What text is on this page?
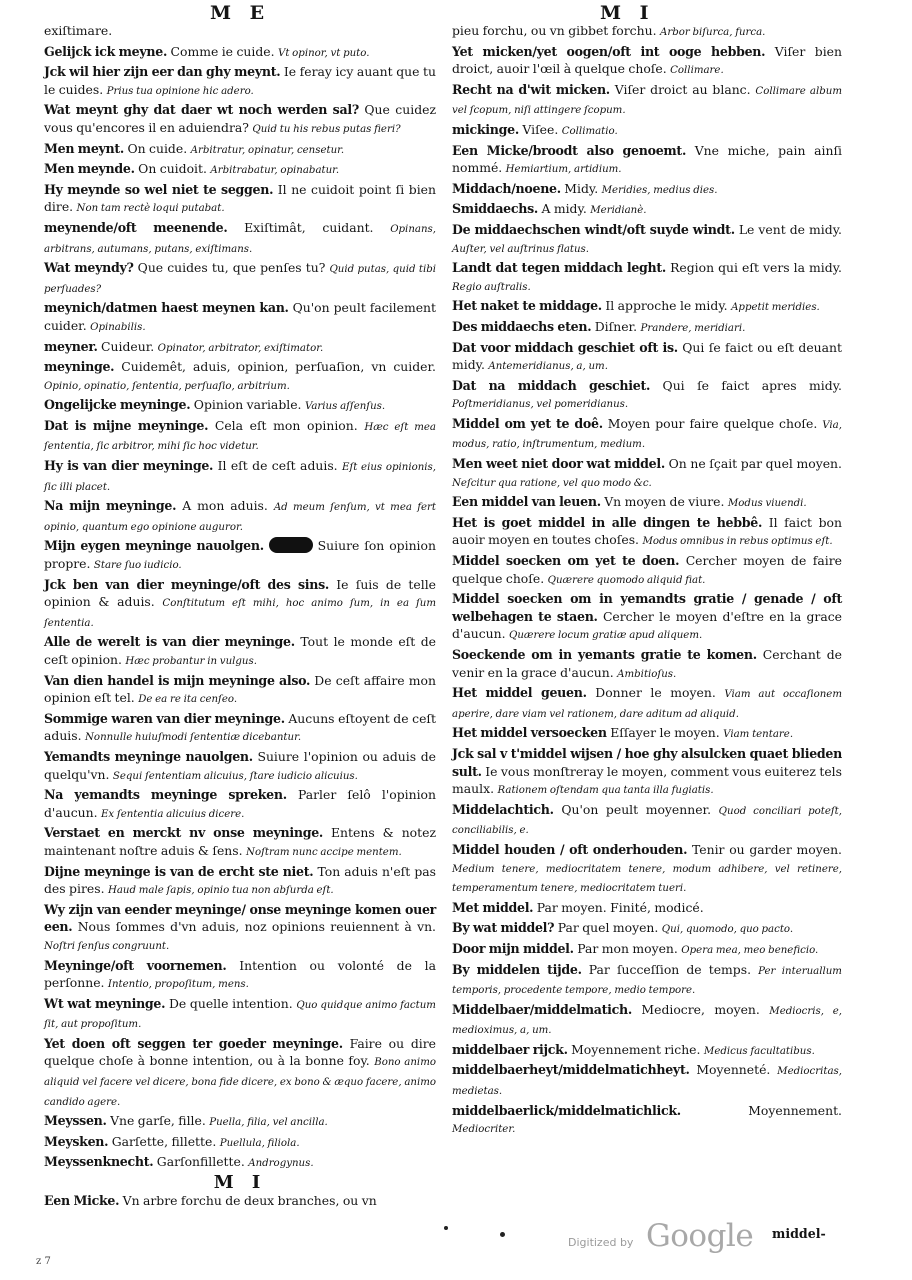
M E	M I
exiſtimare.
Gelijck ick meyne. Comme ie cuide. Vt opinor, vt puto.
Jck wil hier zijn eer dan ghy meynt. Ie feray icy auant que tu le cuides. Prius tua opinione hic adero.
Wat meynt ghy dat daer wt noch werden sal? Que cuidez vous qu'encores il en aduiendra? Quid tu his rebus putas fieri?
Men meynt. On cuide. Arbitratur, opinatur, censetur.
Men meynde. On cuidoit. Arbitrabatur, opinabatur.
Hy meynde so wel niet te seggen. Il ne cuidoit point ſi bien dire. Non tam rectè loqui putabat.
meynende/oft meenende. Exiſtimât, cuidant. Opinans, arbitrans, autumans, putans, exiſtimans.
Wat meyndy? Que cuides tu, que penſes tu? Quid putas, quid tibi perſuades?
meynich/datmen haest meynen kan. Qu'on peult facilement cuider. Opinabilis.
meyner. Cuideur. Opinator, arbitrator, exiſtimator.
meyninge. Cuidemêt, aduis, opinion, perſuaſion, vn cuider. Opinio, opinatio, ſententia, perſuaſio, arbitrium.
Ongelijcke meyninge. Opinion variable. Varius aſſenſus.
Dat is mijne meyninge. Cela eſt mon opinion. Hæc eſt mea ſententia, ſic arbitror, mihi ſic hoc videtur.
Hy is van dier meyninge. Il eſt de ceſt aduis. Eſt eius opinionis, ſic illi placet.
Na mijn meyninge. A mon aduis. Ad meum ſenſum, vt mea fert opinio, quantum ego opinione auguror.
Mijn eygen meyninge nauolgen.	Suiure ſon opinion propre. Stare ſuo iudicio.
Jck ben van dier meyninge/oft des sins. Ie ſuis de telle opinion & aduis. Conſtitutum eſt mihi, hoc animo ſum, in ea ſum ſententia.
Alle de werelt is van dier meyninge. Tout le monde eſt de ceſt opinion. Hæc probantur in vulgus.
Van dien handel is mijn meyninge also. De ceſt affaire mon opinion eſt tel. De ea re ita cenſeo.
Sommige waren van dier meyninge. Aucuns eſtoyent de ceſt aduis. Nonnulle huiuſmodi ſententiæ dicebantur.
Yemandts meyninge nauolgen. Suiure l'opinion ou aduis de quelqu'vn. Sequi ſententiam alicuius, ſtare iudicio alicuius.
Na yemandts meyninge spreken. Parler ſelô l'opinion d'aucun. Ex ſententia alicuius dicere.
Verstaet en merckt nv onse meyninge. Entens & notez maintenant noſtre aduis & ſens. Noſtram nunc accipe mentem.
Dijne meyninge is van de ercht ste niet. Ton aduis n'eſt pas des pires. Haud male ſapis, opinio tua non abſurda eſt.
Wy zijn van eender meyninge/ onse meyninge komen ouer een. Nous ſommes d'vn aduis, noz opinions reuiennent à vn. Noſtri ſenſus congruunt.
Meyninge/oft voornemen. Intention ou volonté de la perſonne. Intentio, propoſitum, mens.
Wt wat meyninge. De quelle intention. Quo quidque animo factum ſit, aut propoſitum.
Yet doen oft seggen ter goeder meyninge. Faire ou dire quelque choſe à bonne intention, ou à la bonne foy. Bono animo aliquid vel facere vel dicere, bona fide dicere, ex bono & æquo facere, animo candido agere.
Meyssen. Vne garſe, fille. Puella, filia, vel ancilla.
Meysken. Garſette, fillette. Puellula, filiola.
Meyssenknecht. Garſonfillette. Androgynus.
M I
Een Micke. Vn arbre forchu de deux branches, ou vn
pieu forchu, ou vn gibbet forchu. Arbor biſurca, furca.
Yet micken/yet oogen/oft int ooge hebben. Viſer bien droict, auoir l'œil à quelque choſe. Collimare.
Recht na d'wit micken. Viſer droict au blanc. Collimare album vel ſcopum, niſi attingere ſcopum.
mickinge. Viſee. Collimatio.
Een Micke/broodt also genoemt. Vne miche, pain ainſi nommé. Hemiartium, artidium.
Middach/noene. Midy. Meridies, medius dies.
Smiddaechs. A midy. Meridianè.
De middaechschen windt/oft suyde windt. Le vent de midy. Auſter, vel auſtrinus flatus.
Landt dat tegen middach leght. Region qui eſt vers la midy. Regio auſtralis.
Het naket te middage. Il approche le midy. Appetit meridies.
Des middaechs eten. Diſner. Prandere, meridiari.
Dat voor middach geschiet oft is. Qui ſe faict ou eſt deuant midy. Antemeridianus, a, um.
Dat na middach geschiet. Qui ſe faict apres midy. Poſtmeridianus, vel pomeridianus.
Middel om yet te doê. Moyen pour faire quelque choſe. Via, modus, ratio, inſtrumentum, medium.
Men weet niet door wat middel. On ne ſçait par quel moyen. Neſcitur qua ratione, vel quo modo &c.
Een middel van leuen. Vn moyen de viure. Modus viuendi.
Het is goet middel in alle dingen te hebbê. Il faict bon auoir moyen en toutes choſes. Modus omnibus in rebus optimus eſt.
Middel soecken om yet te doen. Cercher moyen de faire quelque choſe. Quærere quomodo aliquid fiat.
Middel soecken om in yemandts gratie / genade / oft welbehagen te staen. Cercher le moyen d'eſtre en la grace d'aucun. Quærere locum gratiæ apud aliquem.
Soeckende om in yemants gratie te komen. Cerchant de venir en la grace d'aucun. Ambitioſus.
Het middel geuen. Donner le moyen. Viam aut occaſionem aperire, dare viam vel rationem, dare aditum ad aliquid.
Het middel versoecken Eſſayer le moyen. Viam tentare.
Jck sal v t'middel wijsen / hoe ghy alsulcken quaet blieden sult. Ie vous monſtreray le moyen, comment vous euiterez tels maulx. Rationem oſtendam qua tanta illa fugiatis.
Middelachtich. Qu'on peult moyenner. Quod conciliari poteſt, conciliabilis, e.
Middel houden / oft onderhouden. Tenir ou garder moyen. Medium tenere, mediocritatem tenere, modum adhibere, vel retinere, temperamentum tenere, mediocritatem tueri.
Met middel. Par moyen. Finité, modicé.
By wat middel? Par quel moyen. Qui, quomodo, quo pacto.
Door mijn middel. Par mon moyen. Opera mea, meo beneficio.
By middelen tijde. Par ſucceſſion de temps. Per interuallum temporis, procedente tempore, medio tempore.
Middelbaer/middelmatich. Mediocre, moyen. Mediocris, e, medioximus, a, um.
middelbaer rijck. Moyennement riche. Medicus facultatibus.
middelbaerheyt/middelmatichheyt. Moyenneté. Mediocritas, medietas.
middelbaerlick/middelmatichlick.	Moyennement. Mediocriter.
Digitized by Google middel-
z 7
